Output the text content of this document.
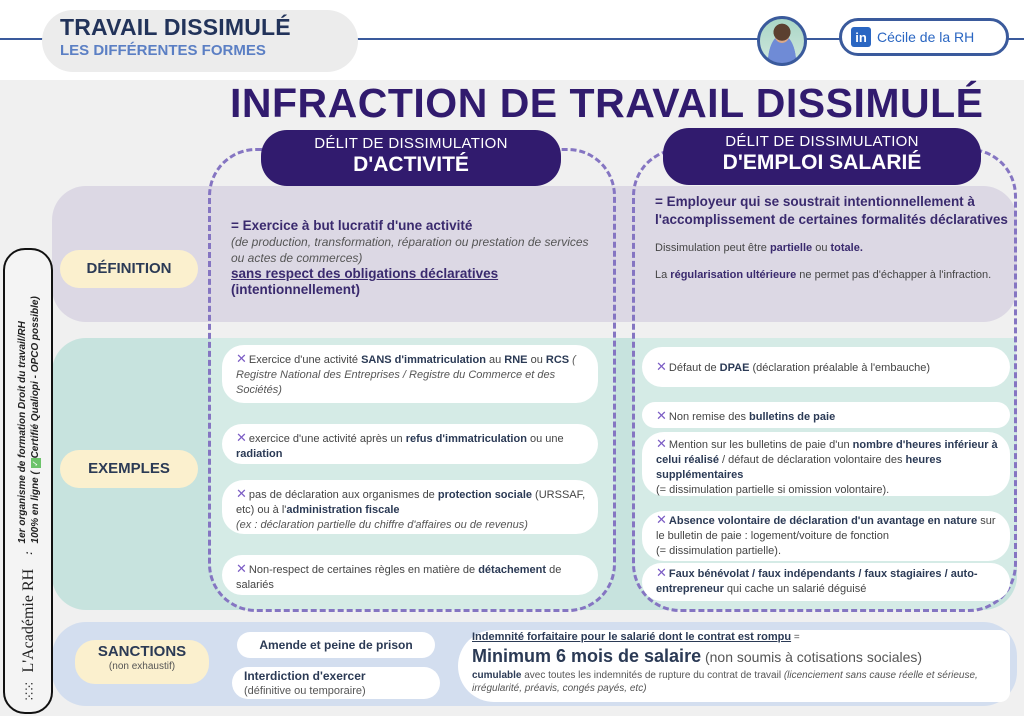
TRAVAIL DISSIMULÉ
LES DIFFÉRENTES FORMES
in Cécile de la RH
INFRACTION DE TRAVAIL DISSIMULÉ
DÉLIT DE DISSIMULATION
D'ACTIVITÉ
DÉLIT DE DISSIMULATION
D'EMPLOI SALARIÉ
DÉFINITION
EXEMPLES
SANCTIONS
(non exhaustif)
= Exercice à but lucratif d'une activité
(de production, transformation, réparation ou prestation de services ou actes de commerces)
sans respect des obligations déclaratives
(intentionnellement)
= Employeur qui se soustrait intentionnellement à l'accomplissement de certaines formalités déclaratives

Dissimulation peut être partielle ou totale.

La régularisation ultérieure ne permet pas d'échapper à l'infraction.

✕ Exercice d'une activité SANS d'immatriculation au RNE ou RCS ( Registre National des Entreprises / Registre du Commerce et des Sociétés)
✕ exercice d'une activité après un refus d'immatriculation ou une radiation
✕ pas de déclaration aux organismes de protection sociale (URSSAF, etc) ou à l'administration fiscale
(ex : déclaration partielle du chiffre d'affaires ou de revenus)
✕ Non-respect de certaines règles en matière de détachement de salariés
✕ Défaut de DPAE (déclaration préalable à l'embauche)
✕ Non remise des bulletins de paie
✕ Mention sur les bulletins de paie d'un nombre d'heures inférieur à celui réalisé / défaut de déclaration volontaire des heures supplémentaires
(= dissimulation partielle si omission volontaire).
✕ Absence volontaire de déclaration d'un avantage en nature sur le bulletin de paie : logement/voiture de fonction
(= dissimulation partielle).
✕ Faux bénévolat / faux indépendants / faux stagiaires / auto-entrepreneur qui cache un salarié déguisé
Amende et peine de prison
Interdiction d'exercer
(définitive ou temporaire)
Indemnité forfaitaire pour le salarié dont le contrat est rompu =
Minimum 6 mois de salaire (non soumis à cotisations sociales)
cumulable avec toutes les indemnités de rupture du contrat de travail (licenciement sans cause réelle et sérieuse, irrégularité, préavis, congés payés, etc)
⁙⁙
L'Académie RH
:
1er organisme de formation Droit du travail/RH 100% en ligne ( ✓Certifié Qualiopi - OPCO possible)
